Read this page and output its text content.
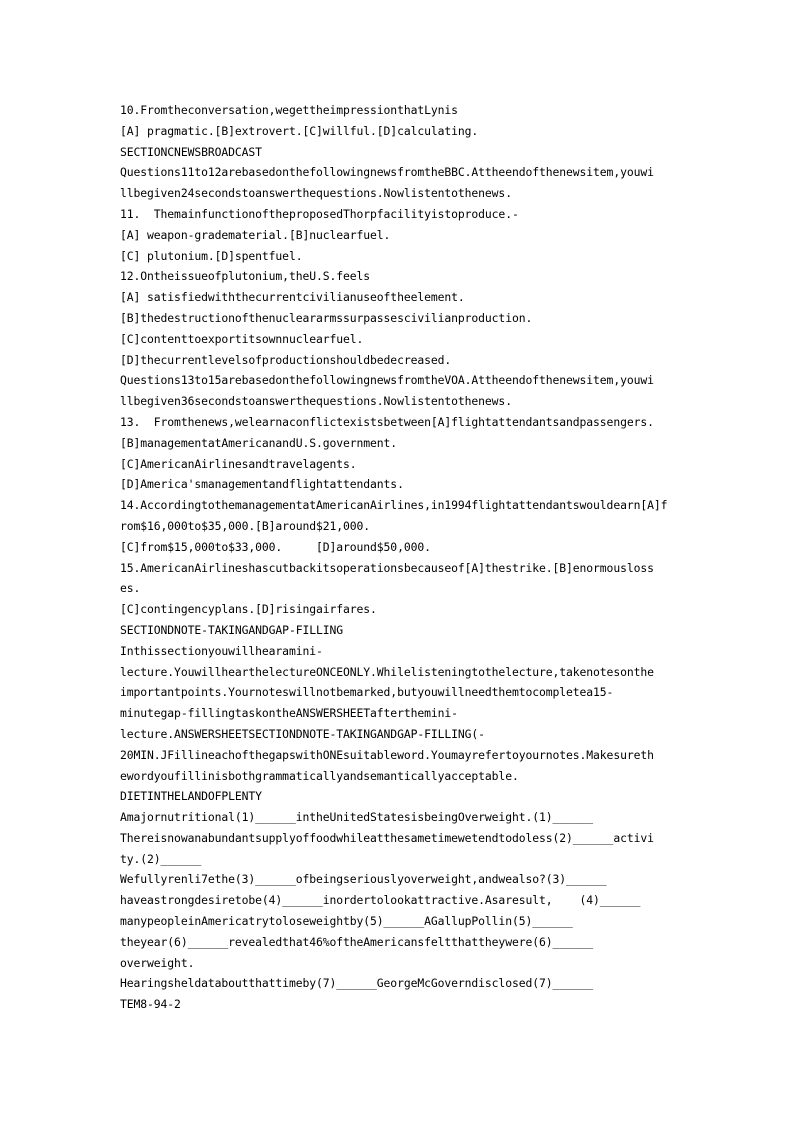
10.Fromtheconversation,wegettheimpressionthatLynis
[A] pragmatic.[B]extrovert.[C]willful.[D]calculating.
SECTIONCNEWSBROADCAST
Questions11to12arebasedonthefollowingnewsfromtheBBC.Attheendofthenewsitem,youwi
llbegiven24secondstoanswerthequestions.Nowlistentothenews.
11.  ThemainfunctionoftheproposedThorpfacilityistoproduce.-
[A] weapon-gradematerial.[B]nuclearfuel.
[C] plutonium.[D]spentfuel.
12.Ontheissueofplutonium,theU.S.feels
[A] satisfiedwiththecurrentcivilianuseoftheelement.
[B]thedestructionofthenucleararmssurpassescivilianproduction.
[C]contenttoexportitsownnuclearfuel.
[D]thecurrentlevelsofproductionshouldbedecreased.
Questions13to15arebasedonthefollowingnewsfromtheVOA.Attheendofthenewsitem,youwi
llbegiven36secondstoanswerthequestions.Nowlistentothenews.
13.  Fromthenews,welearnaconflictexistsbetween[A]flightattendantsandpassengers.
[B]managementatAmericanandU.S.government.
[C]AmericanAirlinesandtravelagents.
[D]America'smanagementandflightattendants.
14.AccordingtothemanagementatAmericanAirlines,in1994flightattendantswouldearn[A]f
rom$16,000to$35,000.[B]around$21,000.
[C]from$15,000to$33,000.     [D]around$50,000.
15.AmericanAirlineshascutbackitsoperationsbecauseof[A]thestrike.[B]enormousloss
es.
[C]contingencyplans.[D]risingairfares.
SECTIONDNOTE-TAKINGANDGAP-FILLING
Inthissectionyouwillhearamini-
lecture.YouwillhearthelectureONCEONLY.Whilelisteningtothelecture,takenotesonthe
importantpoints.Yournoteswillnotbemarked,butyouwillneedthemtocompletea15-
minutegap-fillingtaskontheANSWERSHEETafterthemini-
lecture.ANSWERSHEETSECTIONDNOTE-TAKINGANDGAP-FILLING(-
20MIN.JFillineachofthegapswithONEsuitableword.Youmayrefertoyournotes.Makesureth
ewordyoufillinisbothgrammaticallyandsemanticallyacceptable.
DIETINTHELANDOFPLENTY
Amajornutritional(1)______intheUnitedStatesisbeingOverweight.(1)______
Thereisnowanabundantsupplyoffoodwhileatthesametimewetendtodoless(2)______activi
ty.(2)______
Wefullyrenli7ethe(3)______ofbeingseriouslyoverweight,andwealso?(3)______
haveastrongdesiretobe(4)______inordertolookattractive.Asaresult,    (4)______
manypeopleinAmericatrytoloseweightby(5)______AGallupPollin(5)______
theyear(6)______revealedthat46%oftheAmericansfeltthattheywere(6)______
overweight.
Hearingsheldataboutthattimeby(7)______GeorgeMcGoverndisclosed(7)______
TEM8-94-2
